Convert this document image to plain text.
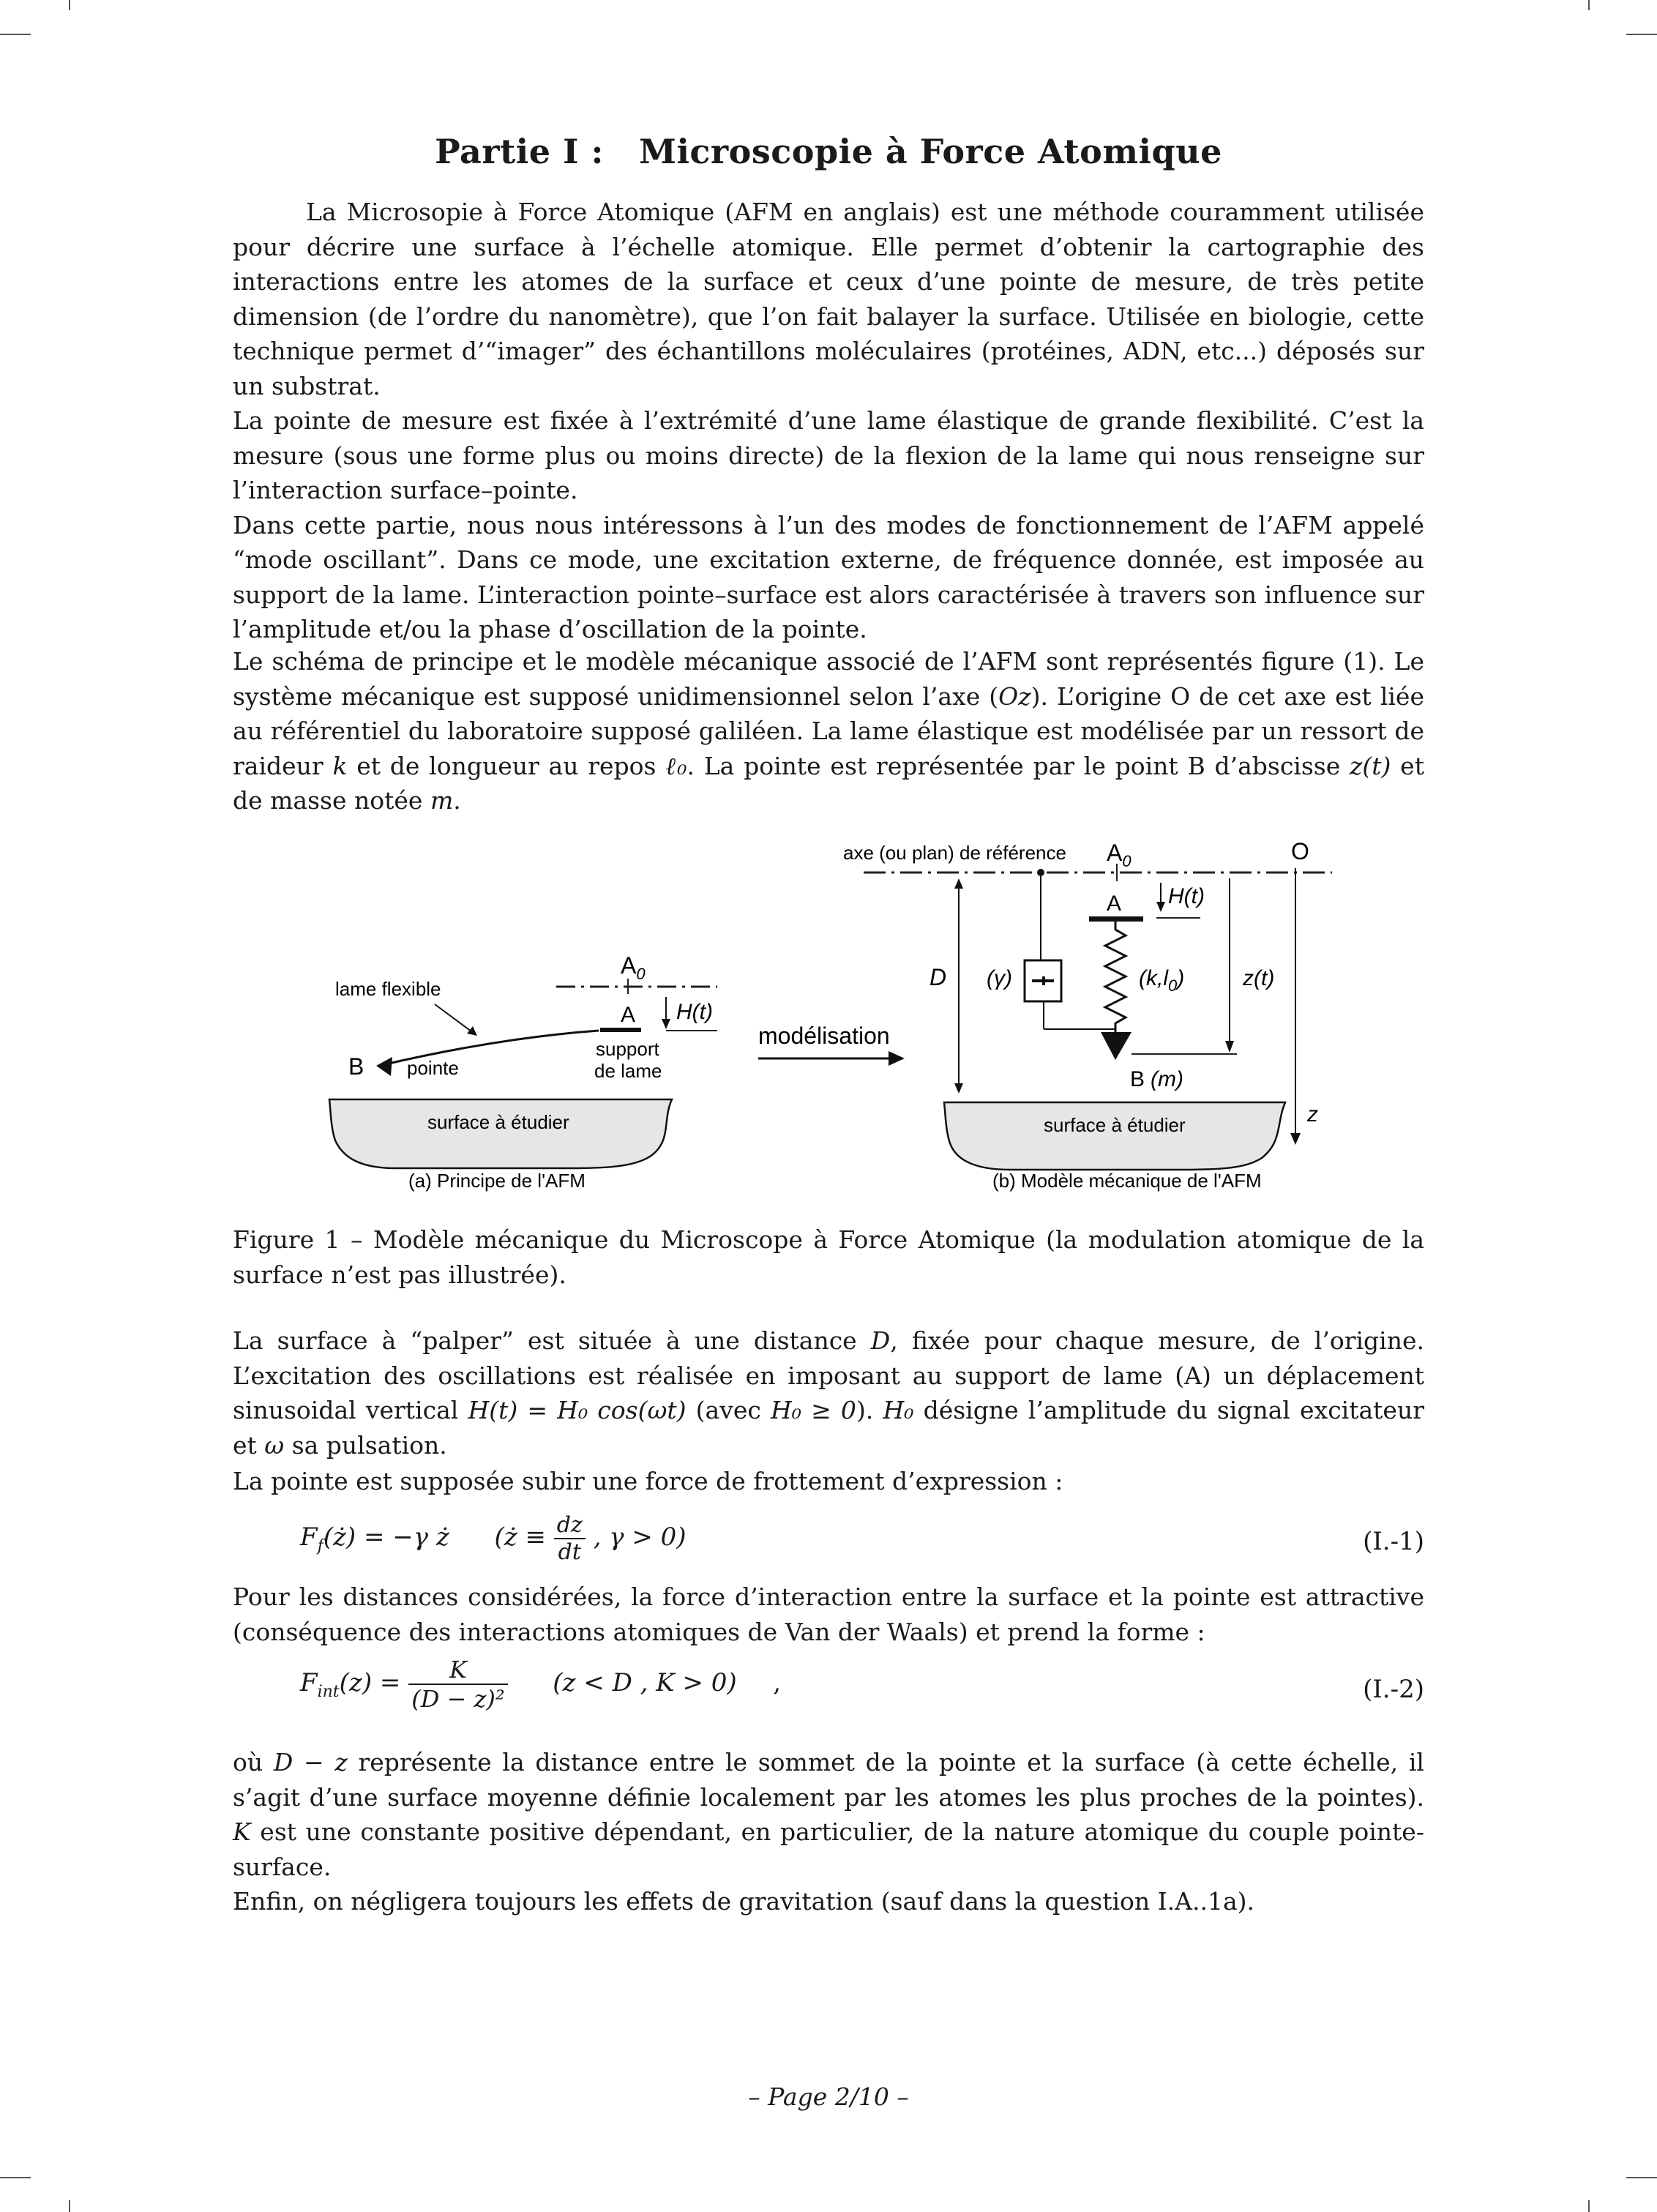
Partie I : Microscopie à Force Atomique

La Microsopie à Force Atomique (AFM en anglais) est une méthode couramment utilisée pour décrire une surface à l’échelle atomique. Elle permet d’obtenir la cartographie des interactions entre les atomes de la surface et ceux d’une pointe de mesure, de très petite dimension (de l’ordre du nanomètre), que l’on fait balayer la surface. Utilisée en biologie, cette technique permet d’“imager” des échantillons moléculaires (protéines, ADN, etc...) déposés sur un substrat.

La pointe de mesure est fixée à l’extrémité d’une lame élastique de grande flexibilité. C’est la mesure (sous une forme plus ou moins directe) de la flexion de la lame qui nous renseigne sur l’interaction surface–pointe.

Dans cette partie, nous nous intéressons à l’un des modes de fonctionnement de l’AFM appelé “mode oscillant”. Dans ce mode, une excitation externe, de fréquence donnée, est imposée au support de la lame. L’interaction pointe–surface est alors caractérisée à travers son influence sur l’amplitude et/ou la phase d’oscillation de la pointe.

Le schéma de principe et le modèle mécanique associé de l’AFM sont représentés figure (1). Le système mécanique est supposé unidimensionnel selon l’axe (Oz). L’origine O de cet axe est liée au référentiel du laboratoire supposé galiléen. La lame élastique est modélisée par un ressort de raideur k et de longueur au repos ℓ₀. La pointe est représentée par le point B d’abscisse z(t) et de masse notée m.

$A_0$
A H(t)
support
de lame
B pointe
lame flexible
surface à étudier
(a) Principe de l'AFM
modélisation
axe (ou plan) de référence $A_0$	O
D (γ)
A H(t)
$(k,l_0)$
B (m)
z(t)
z
surface à étudier
(b) Modèle mécanique de l'AFM

Figure 1 – Modèle mécanique du Microscope à Force Atomique (la modulation atomique de la surface n’est pas illustrée).

La surface à “palper” est située à une distance D, fixée pour chaque mesure, de l’origine. L’excitation des oscillations est réalisée en imposant au support de lame (A) un déplacement sinusoidal vertical H(t) = H₀ cos(ωt) (avec H₀ ≥ 0). H₀ désigne l’amplitude du signal excitateur et ω sa pulsation.

La pointe est supposée subir une force de frottement d’expression :

$F_f(ż) = -\gamma$ ż (ż ≡ $\frac{dz}{dt}$ , γ > 0)	(I.-1)

Pour les distances considérées, la force d’interaction entre la surface et la pointe est attractive (conséquence des interactions atomiques de Van der Waals) et prend la forme :

$F_{int}(z) = \frac{K}{\text{(D − z)²}} (z < D$ , K > 0) ,	(I.-2)

où D − z représente la distance entre le sommet de la pointe et la surface (à cette échelle, il s’agit d’une surface moyenne définie localement par les atomes les plus proches de la pointes). K est une constante positive dépendant, en particulier, de la nature atomique du couple pointe-surface.

Enfin, on négligera toujours les effets de gravitation (sauf dans la question I.A..1a).

– Page 2/10 –
